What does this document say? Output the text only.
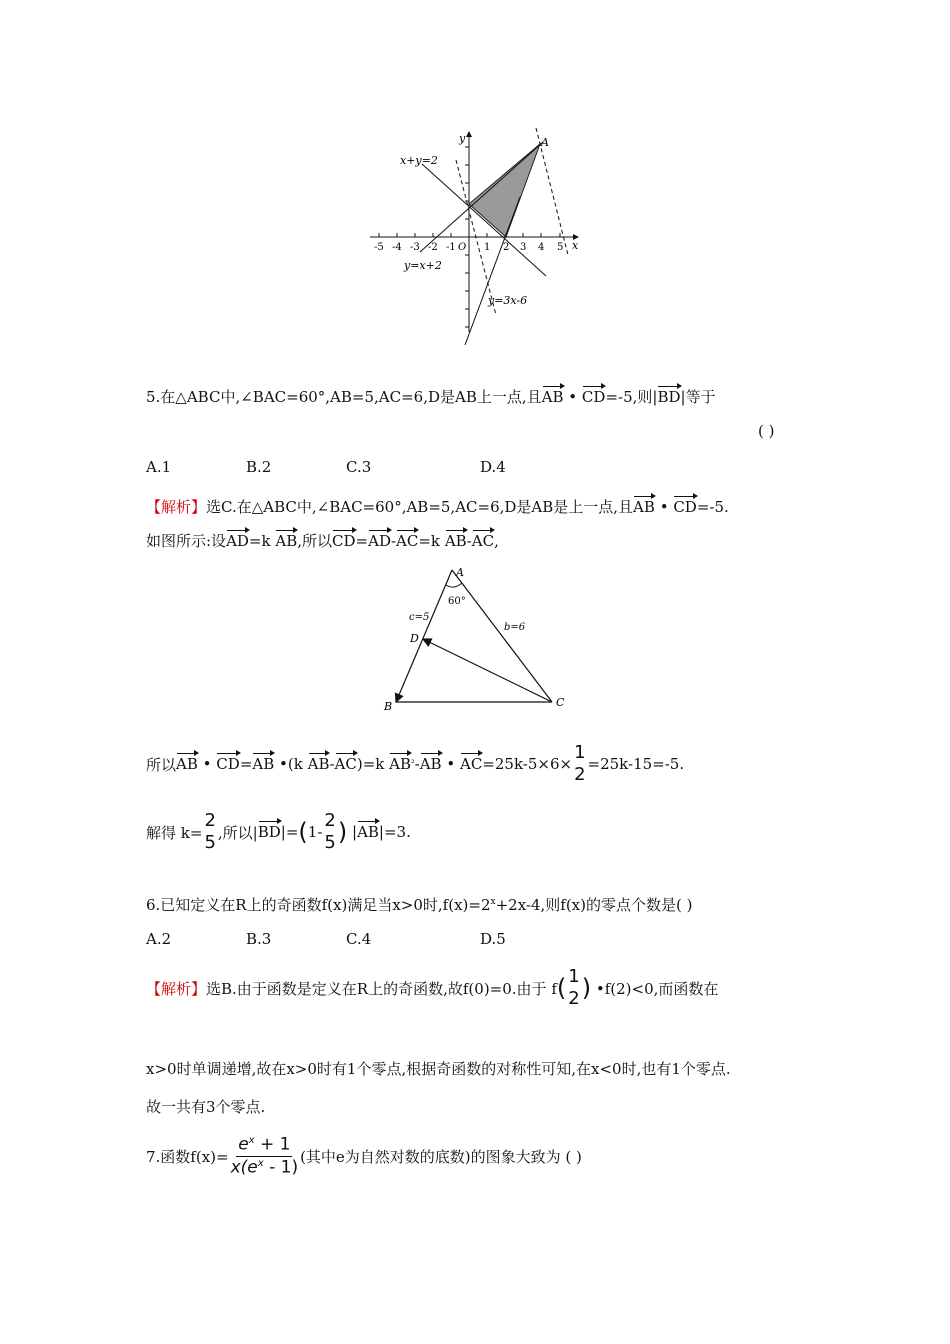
y
x
A
x+y=2
y=x+2
y=3x-6
-5 -4 -3 -2 -1 O 1 2 3 4 5
5.在△ABC中,∠BAC=60°,AB=5,AC=6,D是AB上一点,且AB • CD=-5,则|BD|等于
( )
A.1	B.2	C.3	D.4
【解析】选C.在△ABC中,∠BAC=60°,AB=5,AC=6,D是AB是上一点,且AB • CD=-5.
如图所示:设AD=k AB,所以CD=AD-AC=k AB-AC,
A
B	C
D
60°
c=5
b=6
所以 AB
•
CD = AB
•(k
AB - AC )=k
AB ² - AB
•
AC =25k-5×6×
1
2 =25k-15=-5.
解得 k=
2
5 ,所以| BD |= ( 1-
2
5 ) | AB |=3.
6.已知定义在R上的奇函数f(x)满足当x>0时$,f(x)=2^x+2x-4$,则f(x)的零点个数是( )
A.2	B.3	C.4	D.5
【解析】 选B.由于函数是定义在R上的奇函数,故f(0)=0.由于 f ( 1
2 )
•f(2)<0,而函数在
x>0时单调递增,故在x>0时有1个零点,根据奇函数的对称性可知,在x<0时,也有1个零点.
故一共有3个零点.
7.函数$f(x)= \frac{e^x + 1}{x(e^x - 1)}$ (其中e为自然对数的底数)的图象大致为 ( )
